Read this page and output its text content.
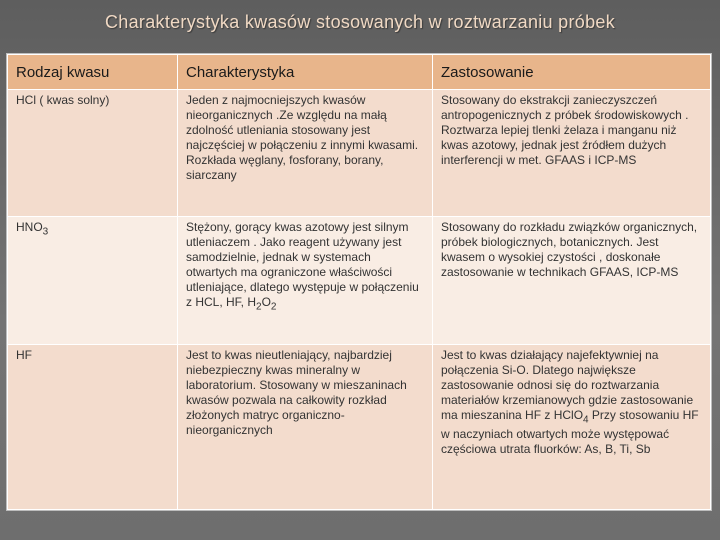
Charakterystyka kwasów stosowanych w roztwarzaniu próbek
Rodzaj kwasu	Charakterystyka	Zastosowanie
HCl ( kwas solny)	Jeden z najmocniejszych kwasów nieorganicznych .Ze względu na małą zdolność utleniania stosowany jest najczęściej w połączeniu z innymi kwasami. Rozkłada węglany, fosforany, borany, siarczany	Stosowany do ekstrakcji zanieczyszczeń antropogenicznych z próbek środowiskowych . Roztwarza lepiej tlenki żelaza i manganu niż kwas azotowy, jednak jest źródłem dużych interferencji w met. GFAAS i ICP-MS
$HNO_3$	Stężony, gorący kwas azotowy jest silnym utleniaczem . Jako reagent używany jest samodzielnie, jednak w systemach otwartych ma ograniczone właściwości utleniające, dlatego występuje w połączeniu z HCL, HF, $H_2O_2$	Stosowany do rozkładu związków organicznych, próbek biologicznych, botanicznych. Jest kwasem o wysokiej czystości , doskonałe zastosowanie w technikach GFAAS, ICP-MS
HF	Jest to kwas nieutleniający, najbardziej niebezpieczny kwas mineralny w laboratorium. Stosowany w mieszaninach kwasów pozwala na całkowity rozkład złożonych matryc organiczno-nieorganicznych	Jest to kwas działający najefektywniej na połączenia Si-O. Dlatego największe zastosowanie odnosi się do roztwarzania materiałów krzemianowych gdzie zastosowanie ma mieszanina HF z HClO$_4$ Przy stosowaniu HF w naczyniach otwartych może występować częściowa utrata fluorków: As, B, Ti, Sb
